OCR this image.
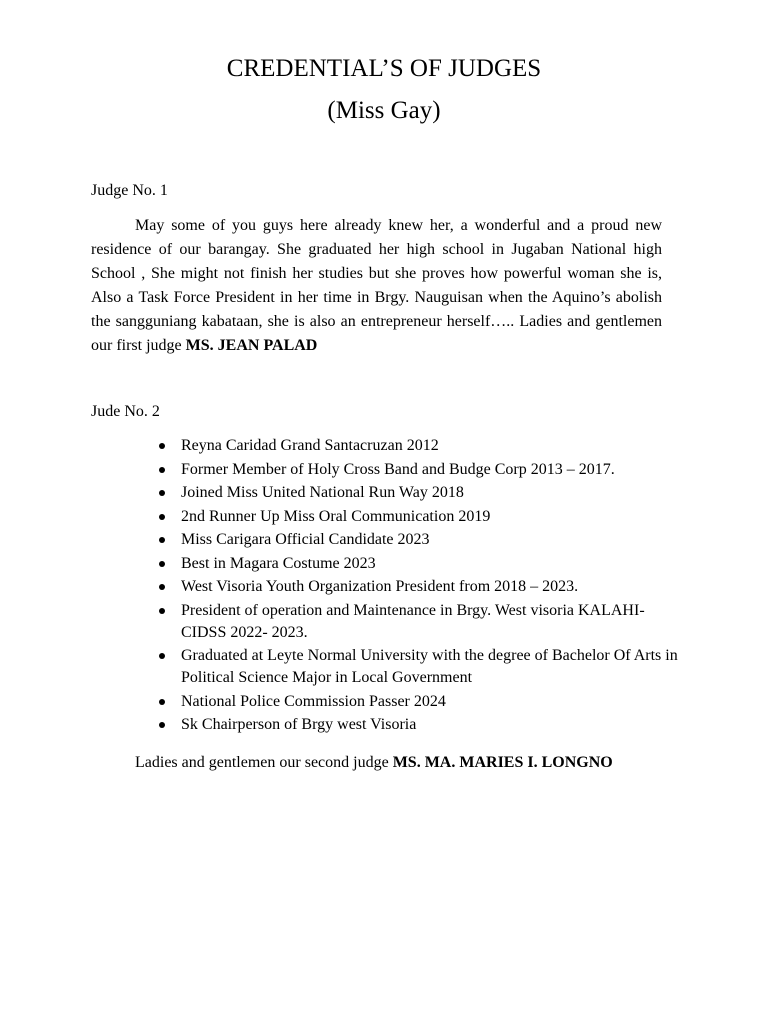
CREDENTIAL’S OF JUDGES
(Miss Gay)
Judge No. 1

May some of you guys here already knew her, a wonderful and a proud new residence of our barangay. She graduated her high school in Jugaban National high School , She might not finish her studies but she proves how powerful woman she is, Also a Task Force President in her time in Brgy. Nauguisan when the Aquino’s abolish the sangguniang kabataan, she is also an entrepreneur herself….. Ladies and gentlemen our first judge MS. JEAN PALAD

Jude No. 2
Reyna Caridad Grand Santacruzan 2012
Former Member of Holy Cross Band and Budge Corp 2013 – 2017.
Joined Miss United National Run Way 2018
2nd Runner Up Miss Oral Communication 2019
Miss Carigara Official Candidate 2023
Best in Magara Costume 2023
West Visoria Youth Organization President from 2018 – 2023.
President of operation and Maintenance in Brgy. West visoria KALAHI-CIDSS 2022- 2023.
Graduated at Leyte Normal University with the degree of Bachelor Of Arts in Political Science Major in Local Government
National Police Commission Passer 2024
Sk Chairperson of Brgy west Visoria

Ladies and gentlemen our second judge MS. MA. MARIES I. LONGNO
